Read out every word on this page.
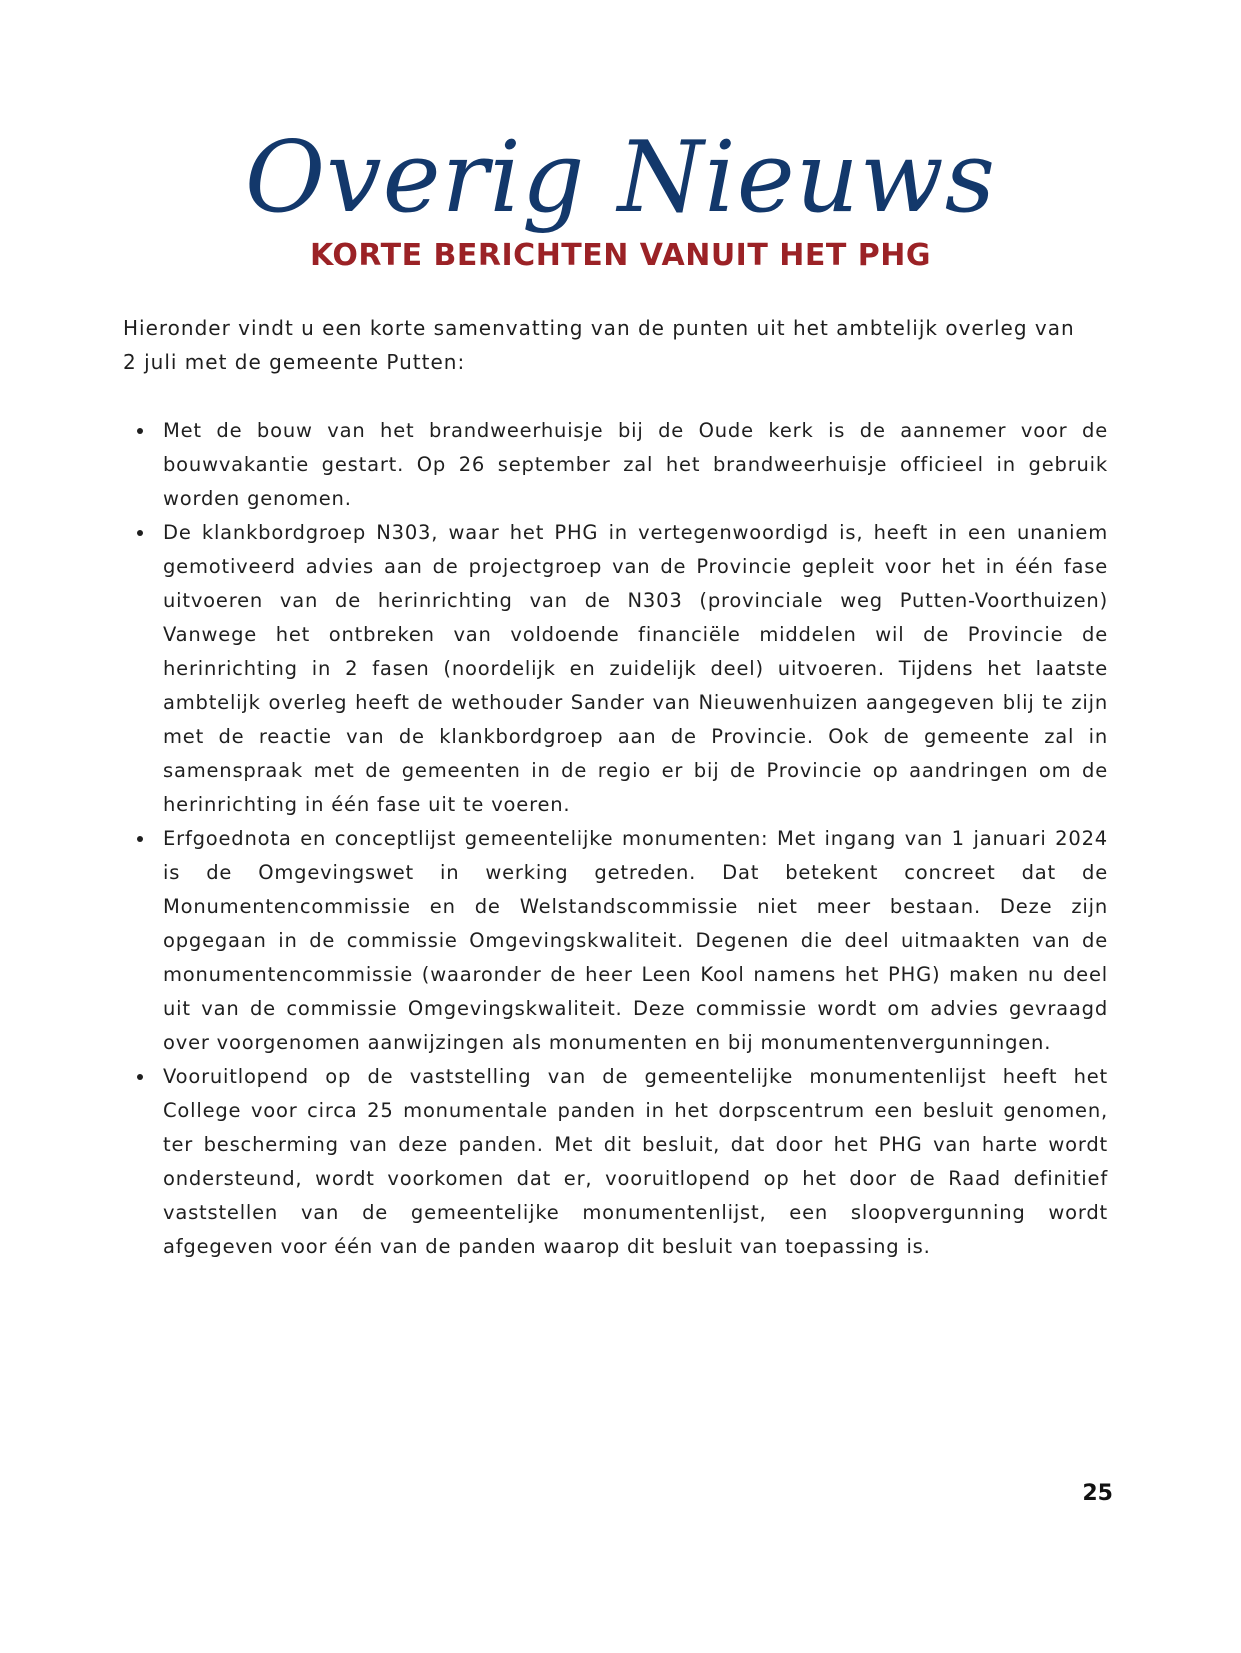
Overig Nieuws
KORTE BERICHTEN VANUIT HET PHG
Hieronder vindt u een korte samenvatting van de punten uit het ambtelijk overleg van
2 juli met de gemeente Putten:
Met de bouw van het brandweerhuisje bij de Oude kerk is de aannemer voor de bouwvakantie gestart. Op 26 september zal het brandweerhuisje officieel in gebruik worden genomen.
De klankbordgroep N303, waar het PHG in vertegenwoordigd is, heeft in een unaniem gemotiveerd advies aan de projectgroep van de Provincie gepleit voor het in één fase uitvoeren van de herinrichting van de N303 (provinciale weg Putten-Voorthuizen) Vanwege het ontbreken van voldoende financiële middelen wil de Provincie de herinrichting in 2 fasen (noordelijk en zuidelijk deel) uitvoeren. Tijdens het laatste ambtelijk overleg heeft de wethouder Sander van Nieuwenhuizen aangegeven blij te zijn met de reactie van de klankbordgroep aan de Provincie. Ook de gemeente zal in samenspraak met de gemeenten in de regio er bij de Provincie op aandringen om de herinrichting in één fase uit te voeren.
Erfgoednota en conceptlijst gemeentelijke monumenten: Met ingang van 1 januari 2024 is de Omgevingswet in werking getreden. Dat betekent concreet dat de Monumentencommissie en de Welstandscommissie niet meer bestaan. Deze zijn opgegaan in de commissie Omgevingskwaliteit. Degenen die deel uitmaakten van de monumentencommissie (waaronder de heer Leen Kool namens het PHG) maken nu deel uit van de commissie Omgevingskwaliteit. Deze commissie wordt om advies gevraagd over voorgenomen aanwijzingen als monumenten en bij monumentenvergunningen.
Vooruitlopend op de vaststelling van de gemeentelijke monumentenlijst heeft het College voor circa 25 monumentale panden in het dorpscentrum een besluit genomen, ter bescherming van deze panden. Met dit besluit, dat door het PHG van harte wordt ondersteund, wordt voorkomen dat er, vooruitlopend op het door de Raad definitief vaststellen van de gemeentelijke monumentenlijst, een sloopvergunning wordt afgegeven voor één van de panden waarop dit besluit van toepassing is.
25
